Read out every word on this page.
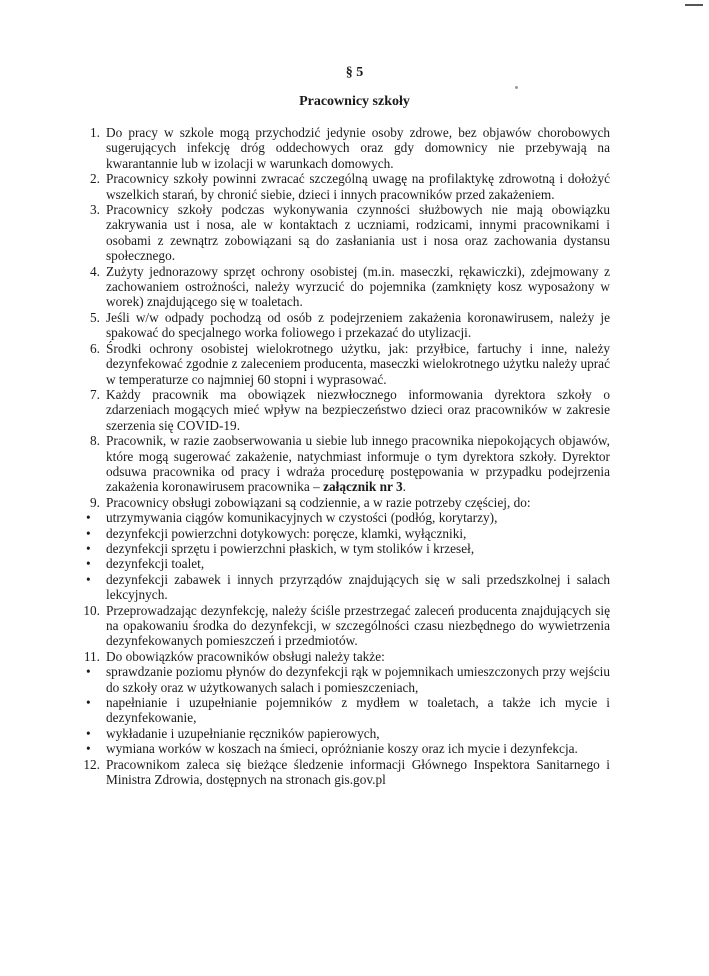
§ 5
Pracownicy szkoły
1. Do pracy w szkole mogą przychodzić jedynie osoby zdrowe, bez objawów chorobowych sugerujących infekcję dróg oddechowych oraz gdy domownicy nie przebywają na kwarantannie lub w izolacji w warunkach domowych.
2. Pracownicy szkoły powinni zwracać szczególną uwagę na profilaktykę zdrowotną i dołożyć wszelkich starań, by chronić siebie, dzieci i innych pracowników przed zakażeniem.
3. Pracownicy szkoły podczas wykonywania czynności służbowych nie mają obowiązku zakrywania ust i nosa, ale w kontaktach z uczniami, rodzicami, innymi pracownikami i osobami z zewnątrz zobowiązani są do zasłaniania ust i nosa oraz zachowania dystansu społecznego.
4. Zużyty jednorazowy sprzęt ochrony osobistej (m.in. maseczki, rękawiczki), zdejmowany z zachowaniem ostrożności, należy wyrzucić do pojemnika (zamknięty kosz wyposażony w worek) znajdującego się w toaletach.
5. Jeśli w/w odpady pochodzą od osób z podejrzeniem zakażenia koronawirusem, należy je spakować do specjalnego worka foliowego i przekazać do utylizacji.
6. Środki ochrony osobistej wielokrotnego użytku, jak: przyłbice, fartuchy i inne, należy dezynfekować zgodnie z zaleceniem producenta, maseczki wielokrotnego użytku należy uprać w temperaturze co najmniej 60 stopni i wyprasować.
7. Każdy pracownik ma obowiązek niezwłocznego informowania dyrektora szkoły o zdarzeniach mogących mieć wpływ na bezpieczeństwo dzieci oraz pracowników w zakresie szerzenia się COVID-19.
8. Pracownik, w razie zaobserwowania u siebie lub innego pracownika niepokojących objawów, które mogą sugerować zakażenie, natychmiast informuje o tym dyrektora szkoły. Dyrektor odsuwa pracownika od pracy i wdraża procedurę postępowania w przypadku podejrzenia zakażenia koronawirusem pracownika – załącznik nr 3.
9. Pracownicy obsługi zobowiązani są codziennie, a w razie potrzeby częściej, do:
•	utrzymywania ciągów komunikacyjnych w czystości (podłóg, korytarzy),
•	dezynfekcji powierzchni dotykowych: poręcze, klamki, wyłączniki,
•	dezynfekcji sprzętu i powierzchni płaskich, w tym stolików i krzeseł,
•	dezynfekcji toalet,
•	dezynfekcji zabawek i innych przyrządów znajdujących się w sali przedszkolnej i salach lekcyjnych.
10. Przeprowadzając dezynfekcję, należy ściśle przestrzegać zaleceń producenta znajdujących się na opakowaniu środka do dezynfekcji, w szczególności czasu niezbędnego do wywietrzenia dezynfekowanych pomieszczeń i przedmiotów.
11. Do obowiązków pracowników obsługi należy także:
•	sprawdzanie poziomu płynów do dezynfekcji rąk w pojemnikach umieszczonych przy wejściu do szkoły oraz w użytkowanych salach i pomieszczeniach,
•	napełnianie i uzupełnianie pojemników z mydłem w toaletach, a także ich mycie i dezynfekowanie,
•	wykładanie i uzupełnianie ręczników papierowych,
•	wymiana worków w koszach na śmieci, opróżnianie koszy oraz ich mycie i dezynfekcja.
12. Pracownikom zaleca się bieżące śledzenie informacji Głównego Inspektora Sanitarnego i Ministra Zdrowia, dostępnych na stronach gis.gov.pl
